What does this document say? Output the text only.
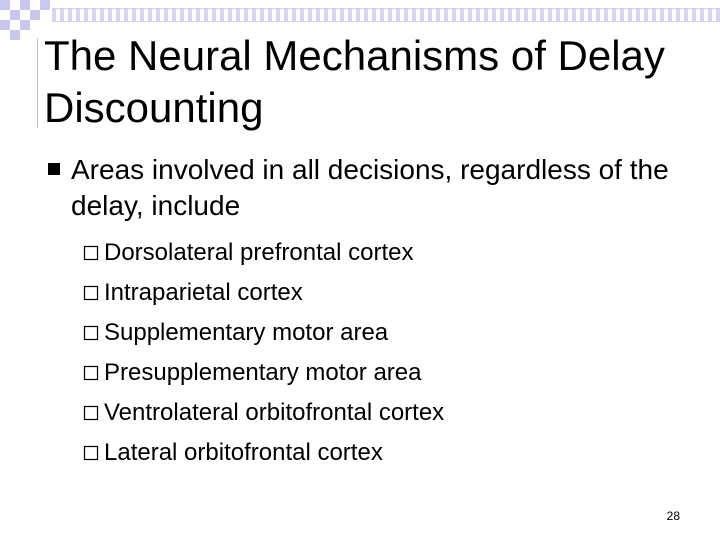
The Neural Mechanisms of Delay Discounting
Areas involved in all decisions, regardless of the delay, include
Dorsolateral prefrontal cortex
Intraparietal cortex
Supplementary motor area
Presupplementary motor area
Ventrolateral orbitofrontal cortex
Lateral orbitofrontal cortex
28
